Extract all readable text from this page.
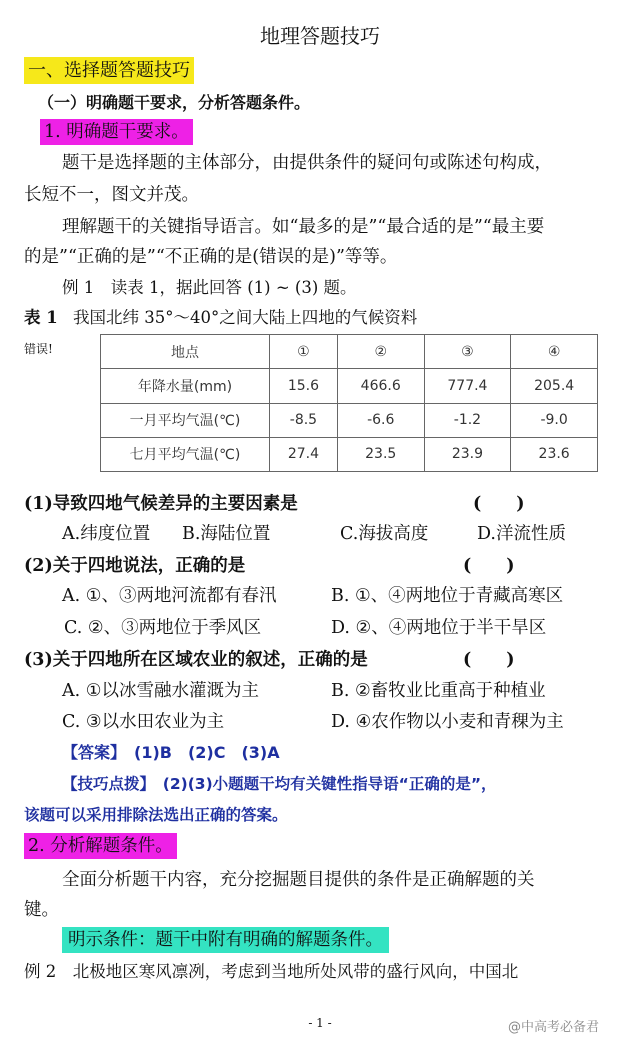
地理答题技巧
一、选择题答题技巧
（一）明确题干要求，分析答题条件。
1. 明确题干要求。
题干是选择题的主体部分，由提供条件的疑问句或陈述句构成，
长短不一，图文并茂。
理解题干的关键指导语言。如“最多的是”“最合适的是”“最主要
的是”“正确的是”“不正确的是(错误的是)”等等。
例 1　读表 1，据此回答 (1) ~ (3) 题。
表 1 我国北纬 35°～40°之间大陆上四地的气候资料
错误!	地点	①	②	③	④
年降水量(mm)	15.6	466.6	777.4	205.4
一月平均气温(℃)	-8.5	-6.6	-1.2	-9.0
七月平均气温(℃)	27.4	23.5	23.9	23.6
(1)导致四地气候差异的主要因素是	(　　)
A.纬度位置 B.海陆位置	C.海拔高度	D.洋流性质
(2)关于四地说法，正确的是	(　　)
A. ①、③两地河流都有春汛	B. ①、④两地位于青藏高寒区
C. ②、③两地位于季风区	D. ②、④两地位于半干旱区
(3)关于四地所在区域农业的叙述，正确的是	(　　)
A. ①以冰雪融水灌溉为主	B. ②畜牧业比重高于种植业
C. ③以水田农业为主	D. ④农作物以小麦和青稞为主
【答案】　(1)B　(2)C　(3)A
【技巧点拨】　(2)(3)小题题干均有关键性指导语“正确的是”，
该题可以采用排除法选出正确的答案。
2. 分析解题条件。
全面分析题干内容，充分挖掘题目提供的条件是正确解题的关
键。
明示条件：题干中附有明确的解题条件。
例 2　北极地区寒风凛冽，考虑到当地所处风带的盛行风向，中国北
- 1 -	@中高考必备君
